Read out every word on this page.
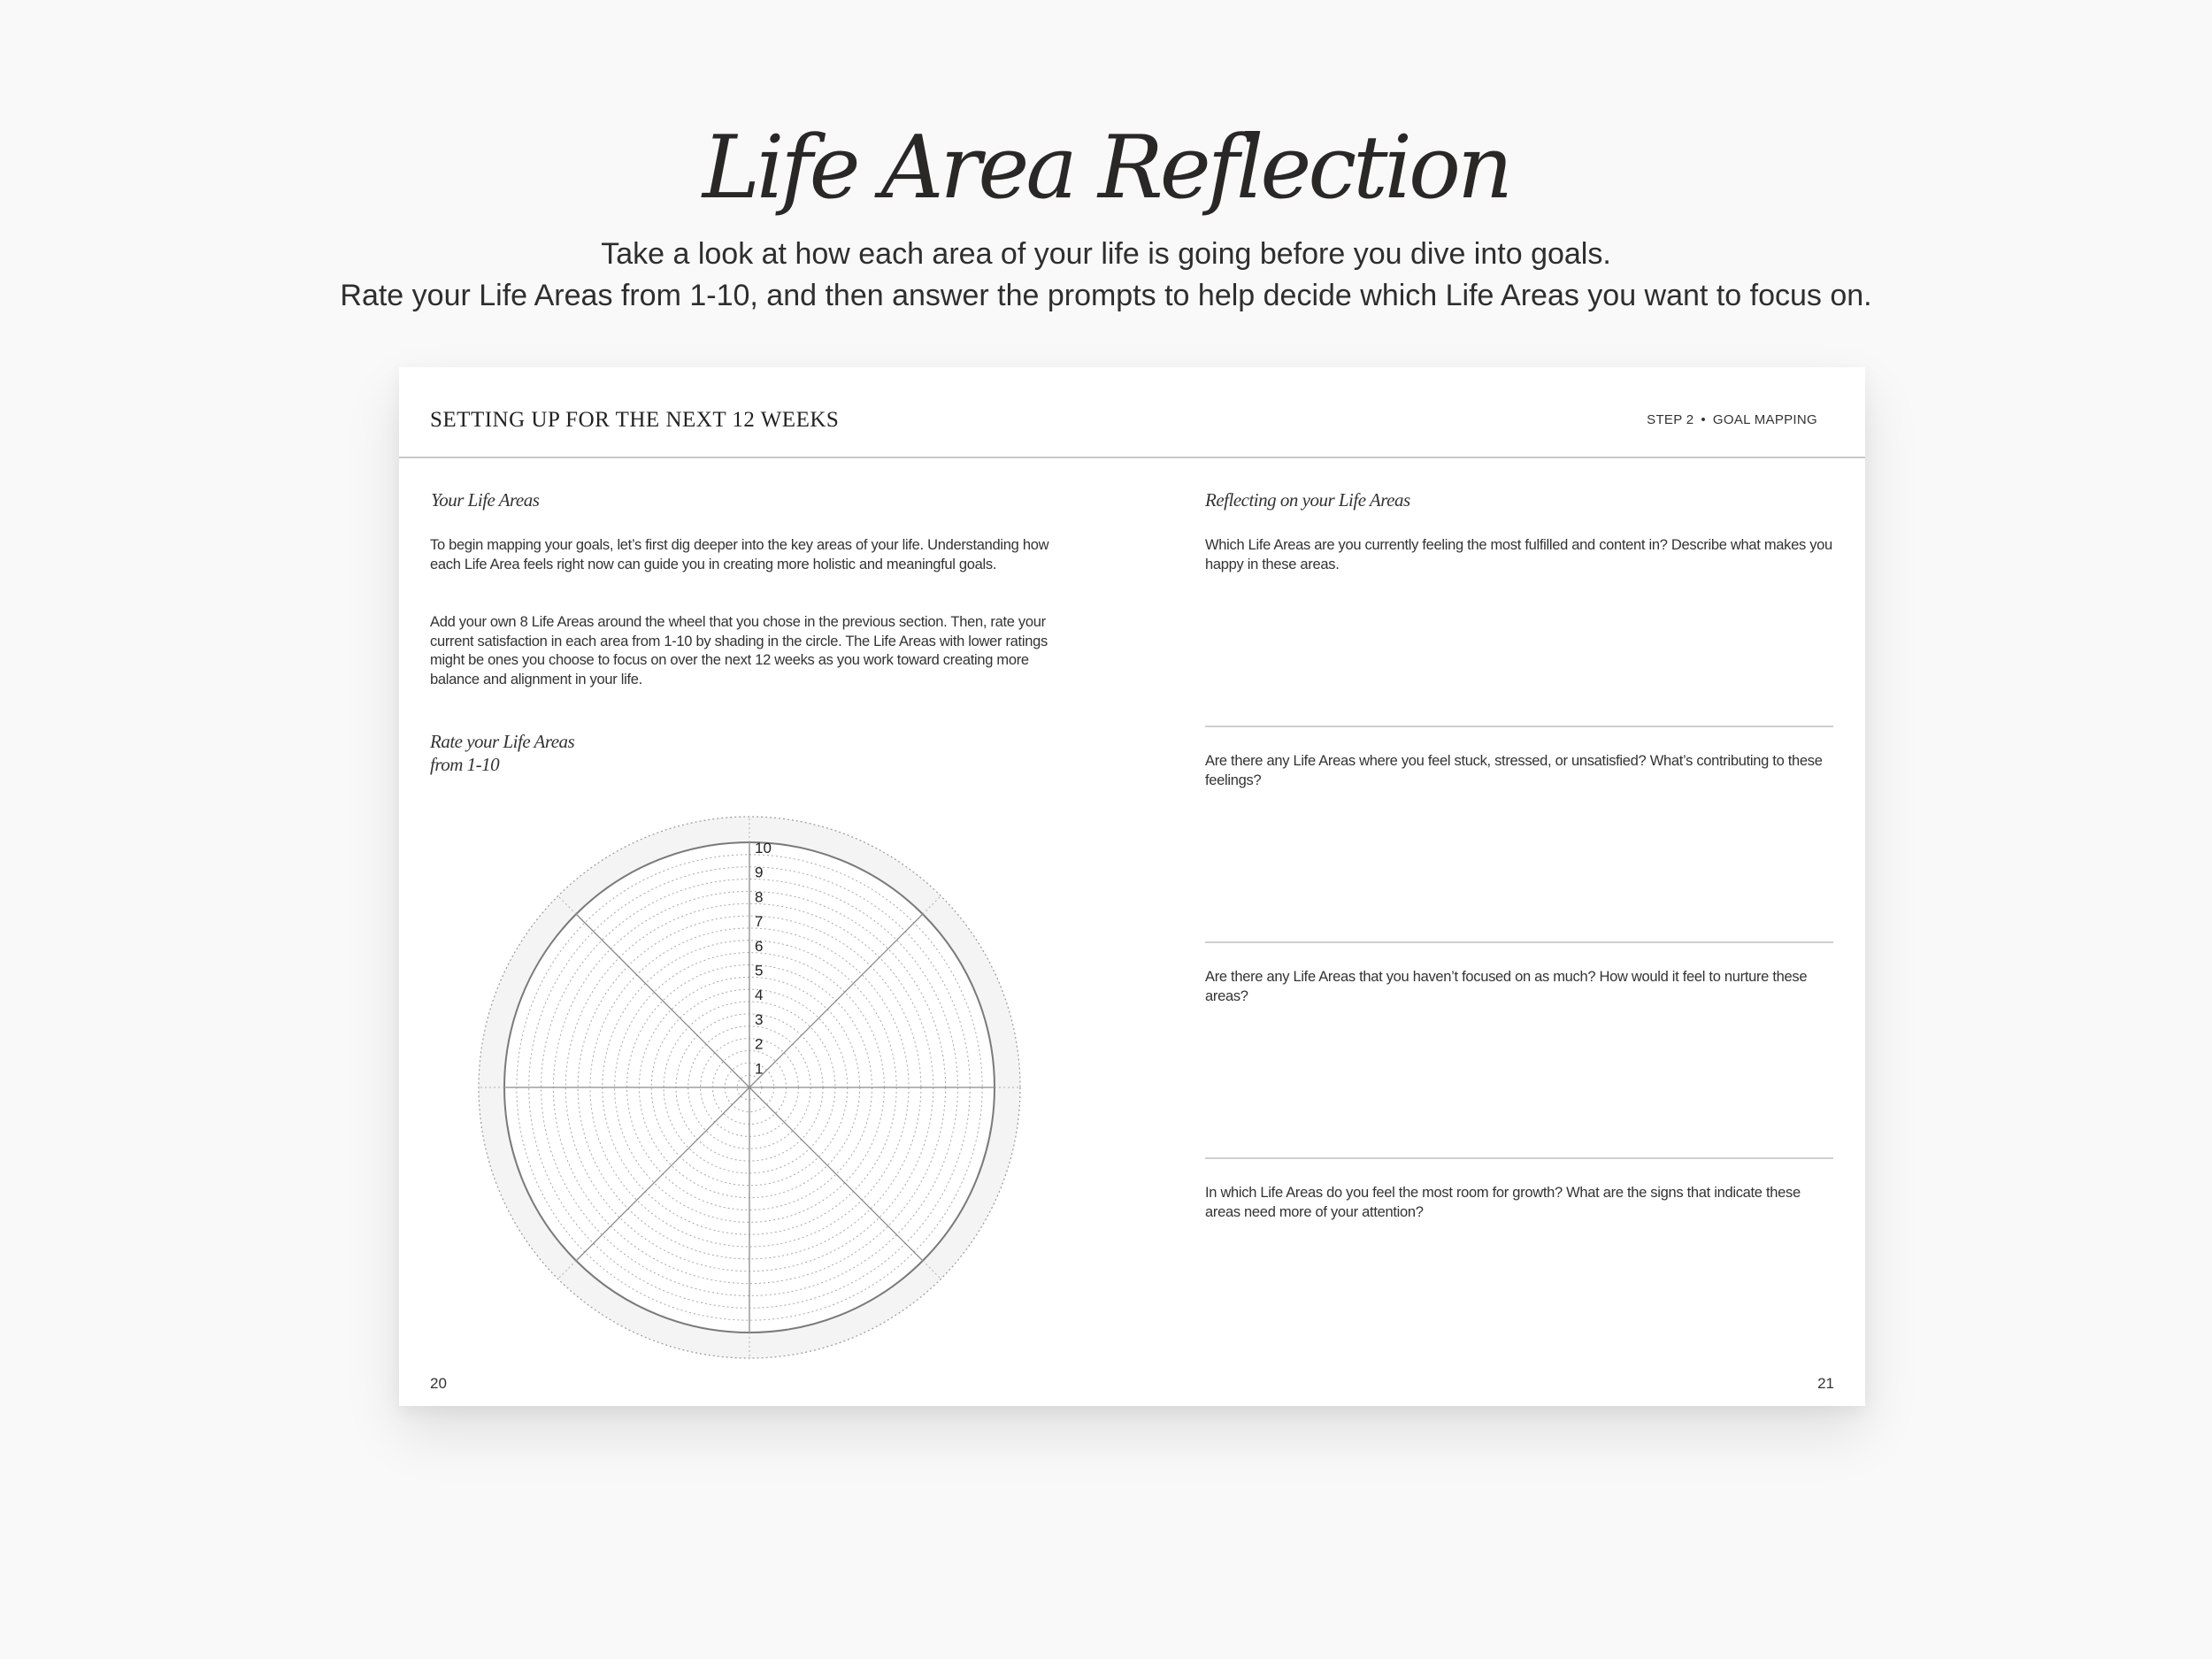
Life Area Reflection

Take a look at how each area of your life is going before you dive into goals.

Rate your Life Areas from 1-10, and then answer the prompts to help decide which Life Areas you want to focus on.

SETTING UP FOR THE NEXT 12 WEEKS	STEP 2 • GOAL MAPPING
Your Life Areas

To begin mapping your goals, let’s first dig deeper into the key areas of your life. Understanding how each Life Area feels right now can guide you in creating more holistic and meaningful goals.

Add your own 8 Life Areas around the wheel that you chose in the previous section. Then, rate your current satisfaction in each area from 1-10 by shading in the circle. The Life Areas with lower ratings might be ones you choose to focus on over the next 12 weeks as you work toward creating more balance and alignment in your life.

Rate your Life Areas
from 1-10
1
2
3
4
5
6
7
8
9
10
Reflecting on your Life Areas

Which Life Areas are you currently feeling the most fulfilled and content in? Describe what makes you happy in these areas.

Are there any Life Areas where you feel stuck, stressed, or unsatisfied? What’s contributing to these feelings?

Are there any Life Areas that you haven’t focused on as much? How would it feel to nurture these areas?

In which Life Areas do you feel the most room for growth? What are the signs that indicate these areas need more of your attention?

20	21
